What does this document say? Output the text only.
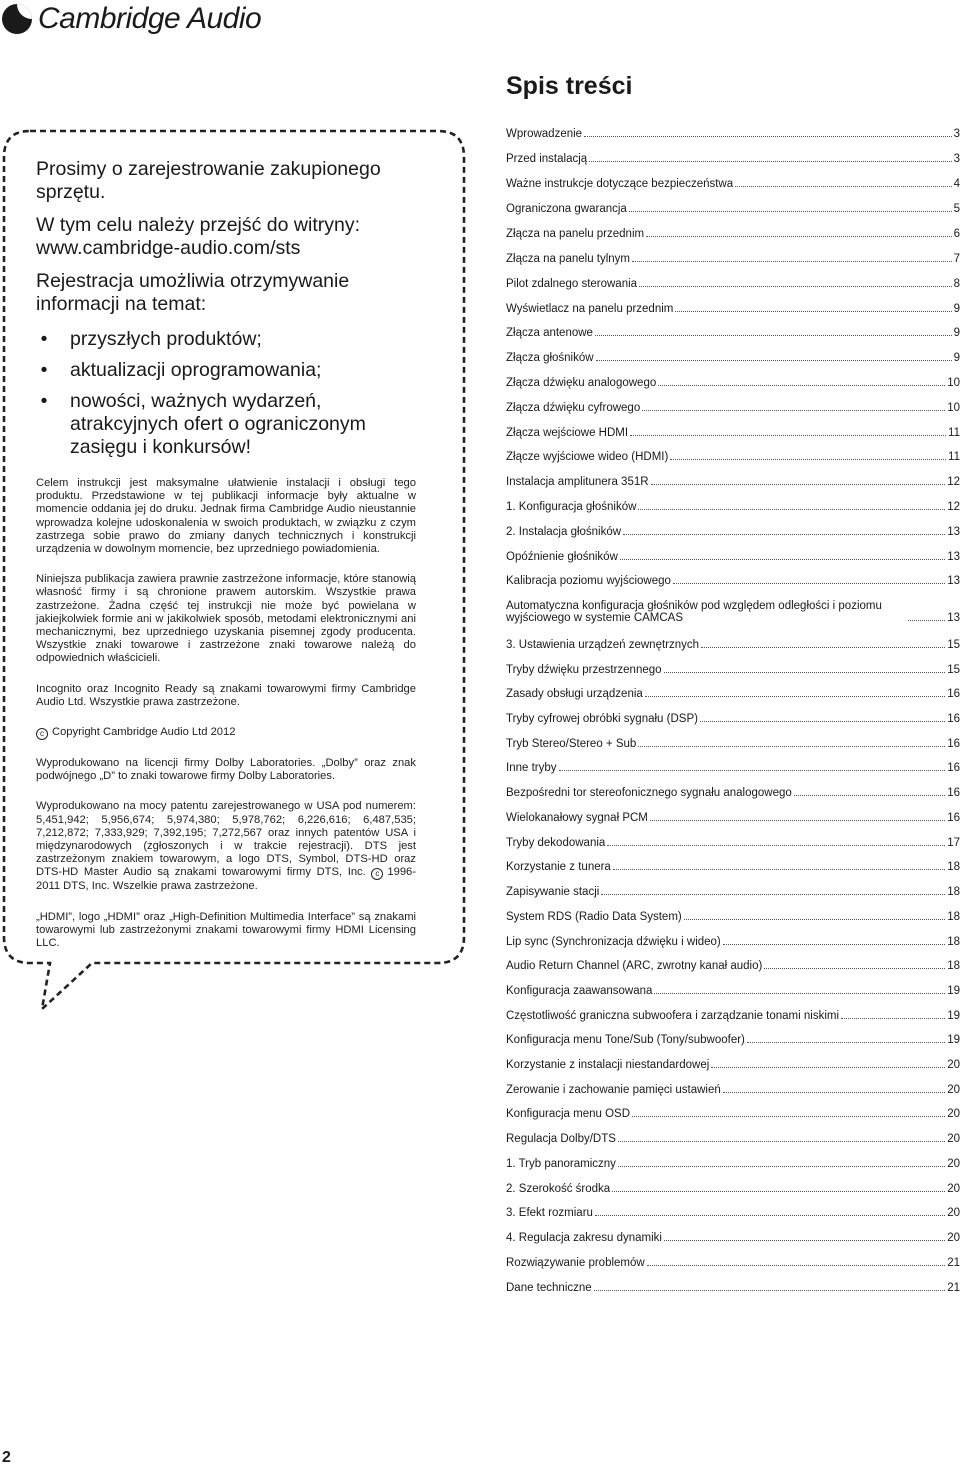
Cambridge Audio

Prosimy o zarejestrowanie zakupionego sprzętu.

W tym celu należy przejść do witryny:

www.cambridge-audio.com/sts

Rejestracja umożliwia otrzymywanie informacji na temat:

• przyszłych produktów;
• aktualizacji oprogramowania;
• nowości, ważnych wydarzeń, atrakcyjnych ofert o ograniczonym zasięgu i konkursów!

Celem instrukcji jest maksymalne ułatwienie instalacji i obsługi tego produktu. Przedstawione w tej publikacji informacje były aktualne w momencie oddania jej do druku. Jednak firma Cambridge Audio nieustannie wprowadza kolejne udoskonalenia w swoich produktach, w związku z czym zastrzega sobie prawo do zmiany danych technicznych i konstrukcji urządzenia w dowolnym momencie, bez uprzedniego powiadomienia.

Niniejsza publikacja zawiera prawnie zastrzeżone informacje, które stanowią własność firmy i są chronione prawem autorskim. Wszystkie prawa zastrzeżone. Żadna część tej instrukcji nie może być powielana w jakiejkolwiek formie ani w jakikolwiek sposób, metodami elektronicznymi ani mechanicznymi, bez uprzedniego uzyskania pisemnej zgody producenta. Wszystkie znaki towarowe i zastrzeżone znaki towarowe należą do odpowiednich właścicieli.

Incognito oraz Incognito Ready są znakami towarowymi firmy Cambridge Audio Ltd. Wszystkie prawa zastrzeżone.

c Copyright Cambridge Audio Ltd 2012

Wyprodukowano na licencji firmy Dolby Laboratories. „Dolby” oraz znak podwójnego „D” to znaki towarowe firmy Dolby Laboratories.

Wyprodukowano na mocy patentu zarejestrowanego w USA pod numerem: 5,451,942; 5,956,674; 5,974,380; 5,978,762; 6,226,616; 6,487,535; 7,212,872; 7,333,929; 7,392,195; 7,272,567 oraz innych patentów USA i międzynarodowych (zgłoszonych i w trakcie rejestracji). DTS jest zastrzeżonym znakiem towarowym, a logo DTS, Symbol, DTS-HD oraz DTS-HD Master Audio są znakami towarowymi firmy DTS, Inc. c 1996-2011 DTS, Inc. Wszelkie prawa zastrzeżone.

„HDMI”, logo „HDMI” oraz „High-Definition Multimedia Interface” są znakami towarowymi lub zastrzeżonymi znakami towarowymi firmy HDMI Licensing LLC.

Spis treści
Wprowadzenie	3
Przed instalacją	3
Ważne instrukcje dotyczące bezpieczeństwa	4
Ograniczona gwarancja	5
Złącza na panelu przednim	6
Złącza na panelu tylnym	7
Pilot zdalnego sterowania	8
Wyświetlacz na panelu przednim	9
Złącza antenowe	9
Złącza głośników	9
Złącza dźwięku analogowego	10
Złącza dźwięku cyfrowego	10
Złącza wejściowe HDMI	11
Złącze wyjściowe wideo (HDMI)	11
Instalacja amplitunera 351R	12
1. Konfiguracja głośników	12
2. Instalacja głośników	13
Opóźnienie głośników	13
Kalibracja poziomu wyjściowego	13
Automatyczna konfiguracja głośników pod względem odległości i poziomu wyjściowego w systemie CAMCAS	13
3. Ustawienia urządzeń zewnętrznych	15
Tryby dźwięku przestrzennego	15
Zasady obsługi urządzenia	16
Tryby cyfrowej obróbki sygnału (DSP)	16
Tryb Stereo/Stereo + Sub	16
Inne tryby	16
Bezpośredni tor stereofonicznego sygnału analogowego	16
Wielokanałowy sygnał PCM	16
Tryby dekodowania	17
Korzystanie z tunera	18
Zapisywanie stacji	18
System RDS (Radio Data System)	18
Lip sync (Synchronizacja dźwięku i wideo)	18
Audio Return Channel (ARC, zwrotny kanał audio)	18
Konfiguracja zaawansowana	19
Częstotliwość graniczna subwoofera i zarządzanie tonami niskimi	19
Konfiguracja menu Tone/Sub (Tony/subwoofer)	19
Korzystanie z instalacji niestandardowej	20
Zerowanie i zachowanie pamięci ustawień	20
Konfiguracja menu OSD	20
Regulacja Dolby/DTS	20
1. Tryb panoramiczny	20
2. Szerokość środka	20
3. Efekt rozmiaru	20
4. Regulacja zakresu dynamiki	20
Rozwiązywanie problemów	21
Dane techniczne	21
2
